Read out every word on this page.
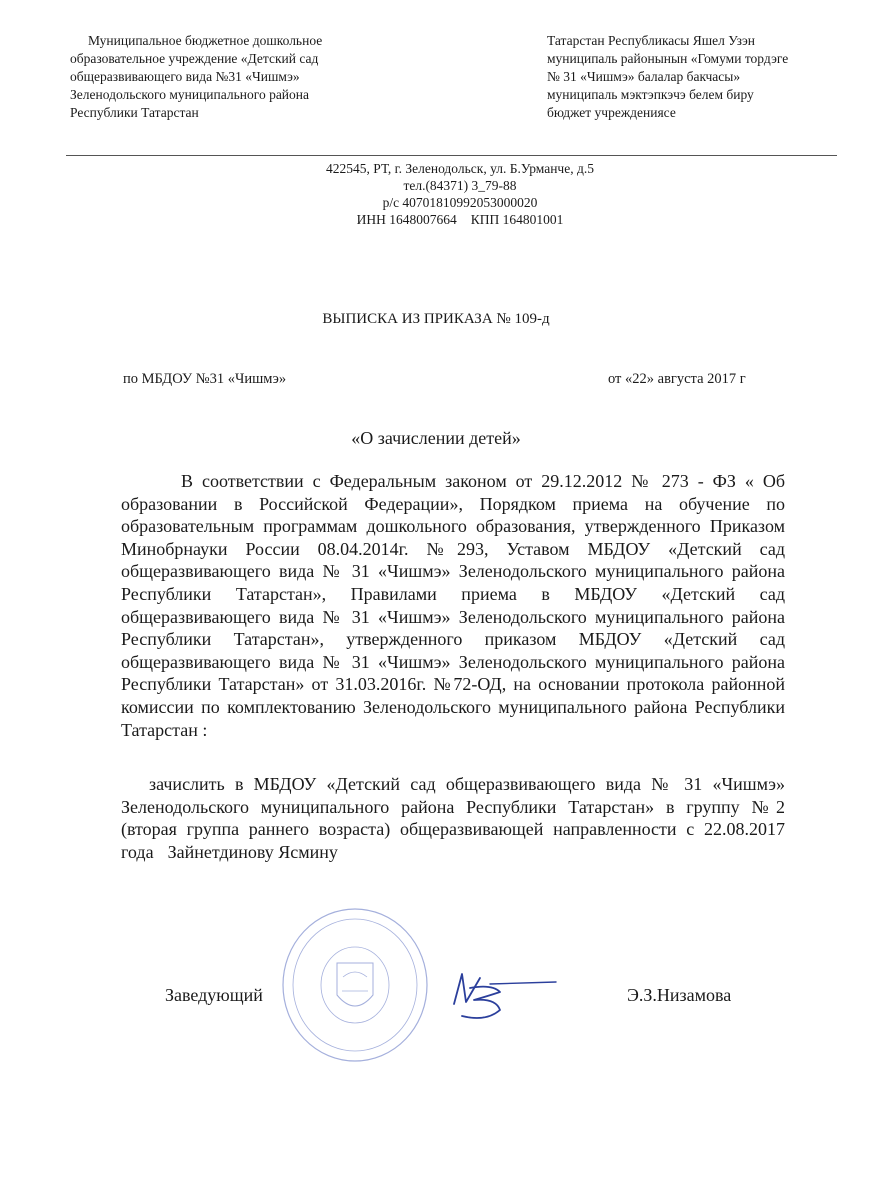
Муниципальное бюджетное дошкольное
образовательное учреждение «Детский сад
общеразвивающего вида №31 «Чишмэ»
Зеленодольского муниципального района
Республики Татарстан
Татарстан Республикасы Яшел Узэн
муниципаль районынын «Гомуми тордэге
№ 31 «Чишмэ» балалар бакчасы»
муниципаль мэктэпкэчэ белем биру
бюджет учреждениясе
422545, РТ, г. Зеленодольск, ул. Б.Урманче, д.5
тел.(84371) 3_79-88
р/с 40701810992053000020
ИНН 1648007664 КПП 164801001
ВЫПИСКА ИЗ ПРИКАЗА № 109-д
по МБДОУ №31 «Чишмэ»	от «22» августа 2017 г
«О зачислении детей»

В соответствии с Федеральным законом от 29.12.2012 № 273 - ФЗ « Об образовании в Российской Федерации», Порядком приема на обучение по образовательным программам дошкольного образования, утвержденного Приказом Минобрнауки России 08.04.2014г. №293, Уставом МБДОУ «Детский сад общеразвивающего вида № 31 «Чишмэ» Зеленодольского муниципального района Республики Татарстан», Правилами приема в МБДОУ «Детский сад общеразвивающего вида № 31 «Чишмэ» Зеленодольского муниципального района Республики Татарстан», утвержденного приказом МБДОУ «Детский сад общеразвивающего вида № 31 «Чишмэ» Зеленодольского муниципального района Республики Татарстан» от 31.03.2016г. №72-ОД, на основании протокола районной комиссии по комплектованию Зеленодольского муниципального района Республики Татарстан :

зачислить в МБДОУ «Детский сад общеразвивающего вида № 31 «Чишмэ» Зеленодольского муниципального района Республики Татарстан» в группу №2 (вторая группа раннего возраста) общеразвивающей направленности с 22.08.2017 года Зайнетдинову Ясмину

Заведующий	Э.З.Низамова
